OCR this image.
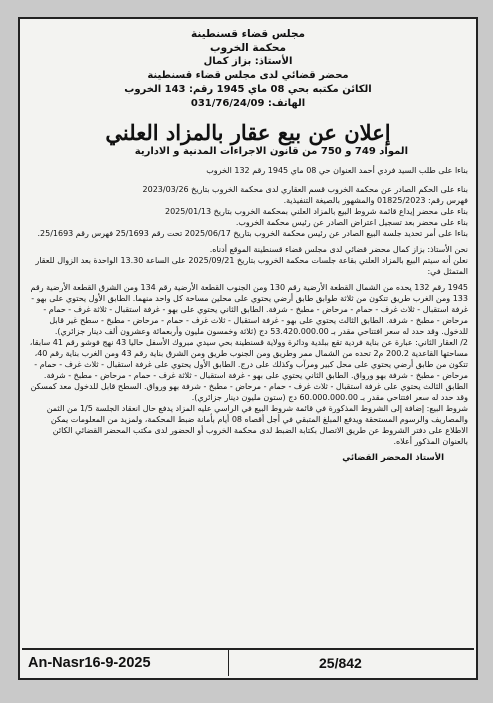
مجلس قضاء قسنطينة
محكمة الخروب
الأستاذ: بزاز كمال
محضر قضائي لدى مجلس قضاء قسنطينة
الكائن مكتبه بحي 08 ماي 1945 رقم: 143 الخروب
الهاتف: 031/76/24/09
إعلان عن بيع عقار بالمزاد العلني
المواد 749 و 750 من قانون الاجراءات المدنية و الادارية

بناءا على طلب السيد فردي أحمد العنوان حي 08 ماي 1945 رقم 132 الخروب

بناء على الحكم الصادر عن محكمة الخروب قسم العقاري لدى محكمة الخروب بتاريخ 2023/03/26

فهرس رقم: 01825/2023 والمشهور بالصيغة التنفيذية.

بناء على محضر إيداع قائمة شروط البيع بالمزاد العلني بمحكمة الخروب بتاريخ 2025/01/13

بناء على محضر بعد تسجيل اعتراض الصادر عن رئيس محكمة الخروب.

بناءا على أمر تحديد جلسة البيع الصادر عن رئيس محكمة الخروب بتاريخ 2025/06/17 تحت رقم 25/1693 فهرس رقم 25/1693.

نحن الأستاذ: بزاز كمال محضر قضائي لدى مجلس قضاء قسنطينة الموقع أدناه.

نعلن أنه سيتم البيع بالمزاد العلني بقاعة جلسات محكمة الخروب بتاريخ 2025/09/21 على الساعة 13.30 الواحدة بعد الزوال للعقار المتمثل في:

1945 رقم 132 يحده من الشمال القطعة الأرضية رقم 130 ومن الجنوب القطعة الأرضية رقم 134 ومن الشرق القطعة الأرضية رقم 133 ومن الغرب طريق تتكون من ثلاثة طوابق طابق أرضي يحتوي على محلين مساحة كل واحد منهما. الطابق الأول يحتوي على بهو - غرفة استقبال - ثلاث غرف - حمام - مرحاض - مطبخ - شرفة. الطابق الثاني يحتوي على بهو - غرفة استقبال - ثلاثة غرف - حمام - مرحاض - مطبخ - شرفة. الطابق الثالث يحتوي على بهو - غرفة استقبال - ثلاث غرف - حمام - مرحاض - مطبخ - سطح غير قابل للدخول. وقد حدد له سعر افتتاحي مقدر بـ 53.420.000.00 دج (ثلاثة وخمسون مليون وأربعمائة وعشرون ألف دينار جزائري).

2/ العقار الثاني: عبارة عن بناية فردية تقع ببلدية ودائرة وولاية قسنطينة بحي سيدي مبروك الأسفل حاليا 43 نهج فوشو رقم 41 سابقا، مساحتها القاعدية 200.2 م2 تحده من الشمال ممر وطريق ومن الجنوب طريق ومن الشرق بناية رقم 43 ومن الغرب بناية رقم 40، تتكون من طابق أرضي يحتوي على محل كبير ومرآب وكذلك على درج. الطابق الأول يحتوي على غرفة استقبال - ثلاث غرف - حمام - مرحاض - مطبخ - شرفة بهو ورواق. الطابق الثاني يحتوي على بهو - غرفة استقبال - ثلاثة غرف - حمام - مرحاض - مطبخ - شرفة. الطابق الثالث يحتوي على غرفة استقبال - ثلاث غرف - حمام - مرحاض - مطبخ - شرفة بهو ورواق. السطح قابل للدخول معد كمسكن وقد حدد له سعر افتتاحي مقدر بـ 60.000.000.00 دج (ستون مليون دينار جزائري).

شروط البيع: إضافة إلى الشروط المذكورة في قائمة شروط البيع في الراسي عليه المزاد يدفع حال انعقاد الجلسة 1/5 من الثمن والمصاريف والرسوم المستحقة ويدفع المبلغ المتبقي في أجل أقصاه 08 أيام بأمانة ضبط المحكمة، ولمزيد من المعلومات يمكن الاطلاع على دفتر الشروط عن طريق الاتصال بكتابة الضبط لدى محكمة الخروب أو الحضور لدى مكتب المحضر القضائي الكائن بالعنوان المذكور أعلاه.

الأستاذ المحضر القضائي
An-Nasr16-9-2025	25/842
